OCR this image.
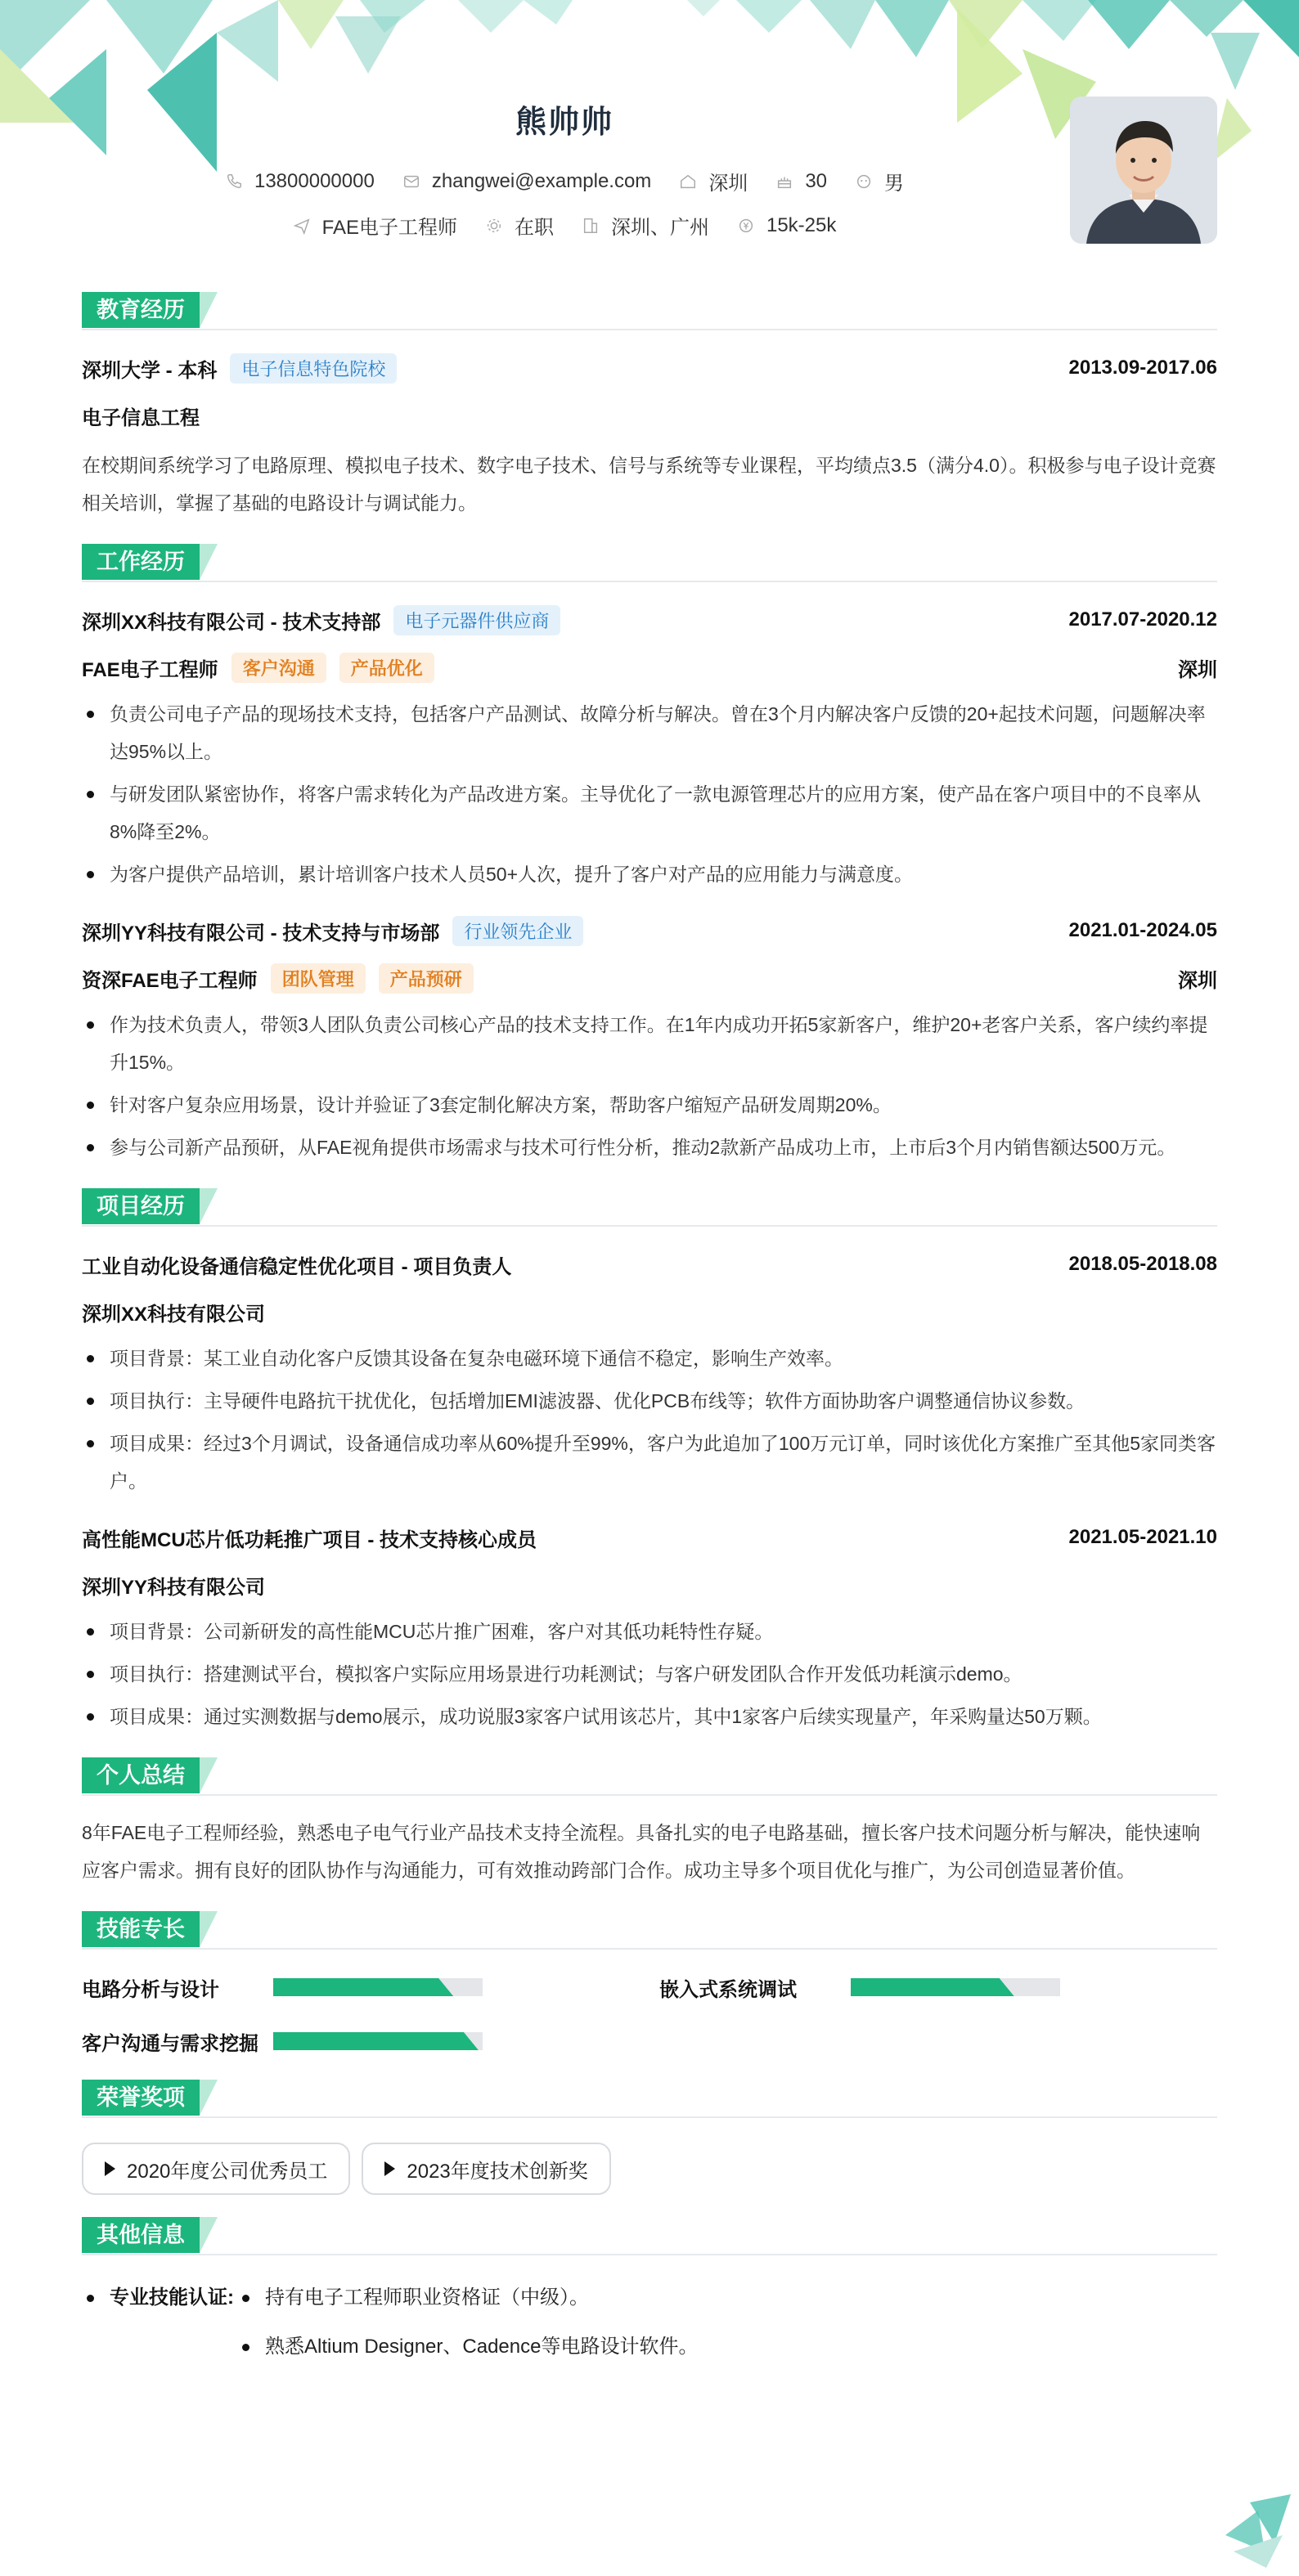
熊帅帅
13800000000	zhangwei@example.com	深圳	30	男
FAE电子工程师	在职	深圳、广州	15k-25k
教育经历
深圳大学 - 本科	电子信息特色院校	2013.09-2017.06
电子信息工程
在校期间系统学习了电路原理、模拟电子技术、数字电子技术、信号与系统等专业课程，平均绩点3.5（满分4.0）。积极参与电子设计竞赛相关培训，掌握了基础的电路设计与调试能力。
工作经历
深圳XX科技有限公司 - 技术支持部	电子元器件供应商	2017.07-2020.12
FAE电子工程师	客户沟通	产品优化	深圳
负责公司电子产品的现场技术支持，包括客户产品测试、故障分析与解决。曾在3个月内解决客户反馈的20+起技术问题，问题解决率达95%以上。
与研发团队紧密协作，将客户需求转化为产品改进方案。主导优化了一款电源管理芯片的应用方案，使产品在客户项目中的不良率从8%降至2%。
为客户提供产品培训，累计培训客户技术人员50+人次，提升了客户对产品的应用能力与满意度。
深圳YY科技有限公司 - 技术支持与市场部	行业领先企业	2021.01-2024.05
资深FAE电子工程师	团队管理	产品预研	深圳
作为技术负责人，带领3人团队负责公司核心产品的技术支持工作。在1年内成功开拓5家新客户，维护20+老客户关系，客户续约率提升15%。
针对客户复杂应用场景，设计并验证了3套定制化解决方案，帮助客户缩短产品研发周期20%。
参与公司新产品预研，从FAE视角提供市场需求与技术可行性分析，推动2款新产品成功上市，上市后3个月内销售额达500万元。
项目经历
工业自动化设备通信稳定性优化项目 - 项目负责人	2018.05-2018.08
深圳XX科技有限公司
项目背景：某工业自动化客户反馈其设备在复杂电磁环境下通信不稳定，影响生产效率。
项目执行：主导硬件电路抗干扰优化，包括增加EMI滤波器、优化PCB布线等；软件方面协助客户调整通信协议参数。
项目成果：经过3个月调试，设备通信成功率从60%提升至99%，客户为此追加了100万元订单，同时该优化方案推广至其他5家同类客户。
高性能MCU芯片低功耗推广项目 - 技术支持核心成员	2021.05-2021.10
深圳YY科技有限公司
项目背景：公司新研发的高性能MCU芯片推广困难，客户对其低功耗特性存疑。
项目执行：搭建测试平台，模拟客户实际应用场景进行功耗测试；与客户研发团队合作开发低功耗演示demo。
项目成果：通过实测数据与demo展示，成功说服3家客户试用该芯片，其中1家客户后续实现量产，年采购量达50万颗。
个人总结
8年FAE电子工程师经验，熟悉电子电气行业产品技术支持全流程。具备扎实的电子电路基础，擅长客户技术问题分析与解决，能快速响应客户需求。拥有良好的团队协作与沟通能力，可有效推动跨部门合作。成功主导多个项目优化与推广，为公司创造显著价值。
技能专长
电路分析与设计	嵌入式系统调试
客户沟通与需求挖掘
荣誉奖项
2020年度公司优秀员工	2023年度技术创新奖
其他信息
专业技能认证:	持有电子工程师职业资格证（中级）。
熟悉Altium Designer、Cadence等电路设计软件。
